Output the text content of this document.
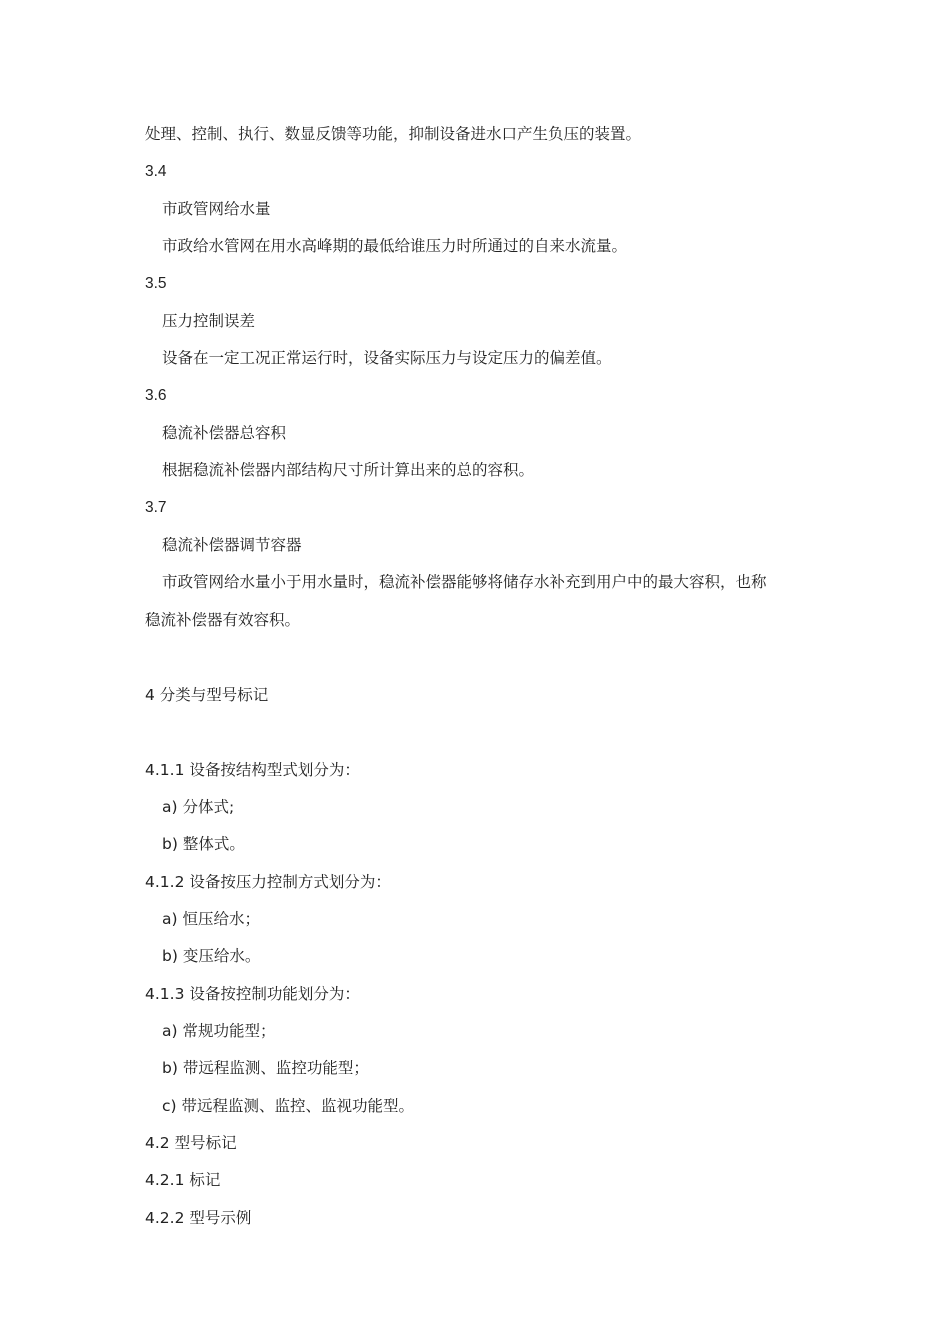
处理、控制、执行、数显反馈等功能，抑制设备进水口产生负压的装置。
3.4
市政管网给水量
市政给水管网在用水高峰期的最低给谁压力时所通过的自来水流量。
3.5
压力控制误差
设备在一定工况正常运行时，设备实际压力与设定压力的偏差值。
3.6
稳流补偿器总容积
根据稳流补偿器内部结构尺寸所计算出来的总的容积。
3.7
稳流补偿器调节容器
市政管网给水量小于用水量时，稳流补偿器能够将储存水补充到用户中的最大容积，也称
稳流补偿器有效容积。
4 分类与型号标记
4.1.1 设备按结构型式划分为：
a) 分体式;
b) 整体式。
4.1.2 设备按压力控制方式划分为：
a) 恒压给水；
b) 变压给水。
4.1.3 设备按控制功能划分为：
a) 常规功能型；
b) 带远程监测、监控功能型；
c) 带远程监测、监控、监视功能型。
4.2 型号标记
4.2.1 标记
4.2.2 型号示例
